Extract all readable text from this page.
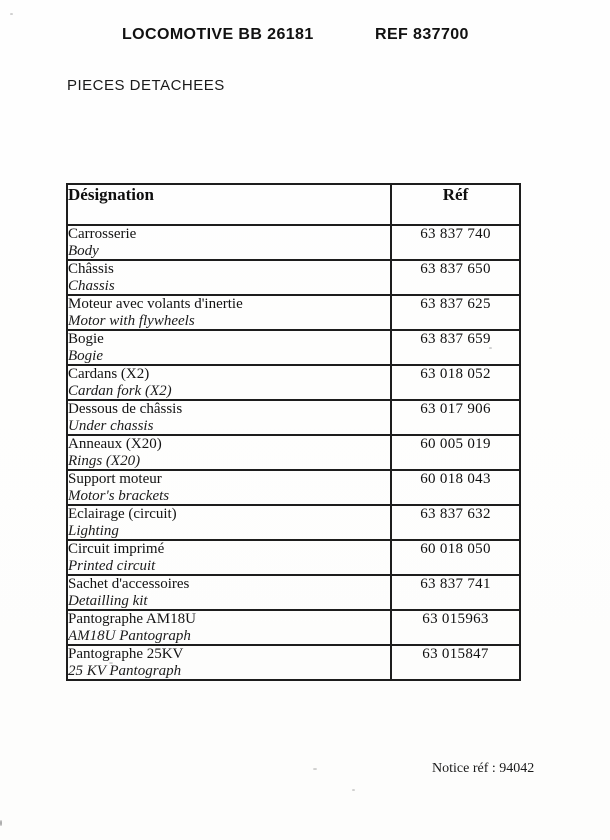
LOCOMOTIVE BB 26181	REF 837700
PIECES DETACHEES
Désignation	Réf

Carrosserie
Body	63 837 740

Châssis
Chassis	63 837 650

Moteur avec volants d'inertie
Motor with flywheels	63 837 625

Bogie
Bogie	63 837 659

Cardans (X2)
Cardan fork (X2)	63 018 052

Dessous de châssis
Under chassis	63 017 906

Anneaux (X20)
Rings (X20)	60 005 019

Support moteur
Motor's brackets	60 018 043

Eclairage (circuit)
Lighting	63 837 632

Circuit imprimé
Printed circuit	60 018 050

Sachet d'accessoires
Detailling kit	63 837 741

Pantographe AM18U
AM18U Pantograph	63 015963

Pantographe 25KV
25 KV Pantograph	63 015847
Notice réf : 94042
